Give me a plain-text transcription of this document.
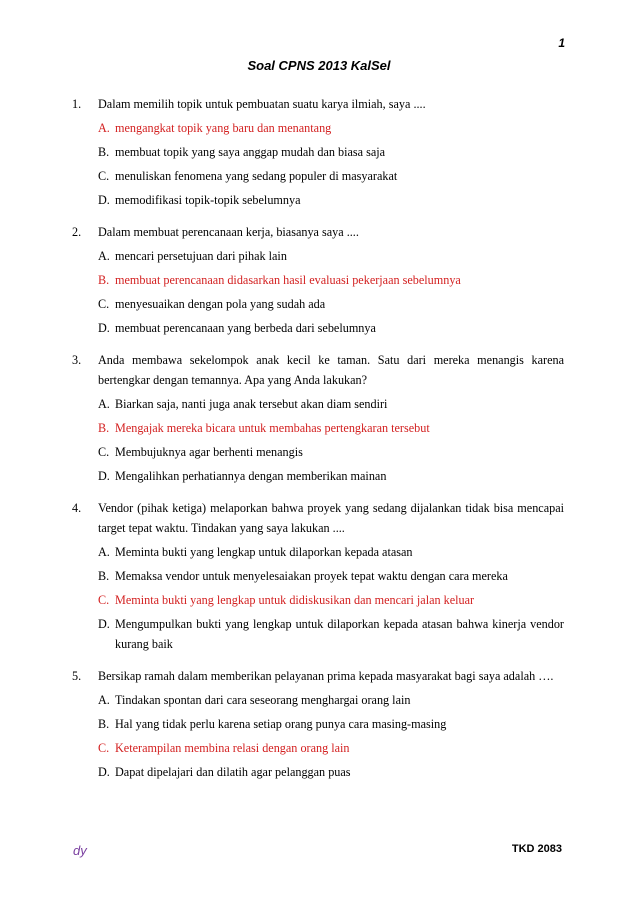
1
Soal CPNS 2013 KalSel
1.	Dalam memilih topik untuk pembuatan suatu karya ilmiah, saya ....
A. mengangkat topik yang baru dan menantang
B. membuat topik yang saya anggap mudah dan biasa saja
C. menuliskan fenomena yang sedang populer di masyarakat
D. memodifikasi topik-topik sebelumnya
2.	Dalam membuat perencanaan kerja, biasanya saya ....
A. mencari persetujuan dari pihak lain
B. membuat perencanaan didasarkan hasil evaluasi pekerjaan sebelumnya
C. menyesuaikan dengan pola yang sudah ada
D. membuat perencanaan yang berbeda dari sebelumnya
3.	Anda membawa sekelompok anak kecil ke taman. Satu dari mereka menangis karena bertengkar dengan temannya. Apa yang Anda lakukan?
A. Biarkan saja, nanti juga anak tersebut akan diam sendiri
B. Mengajak mereka bicara untuk membahas pertengkaran tersebut
C. Membujuknya agar berhenti menangis
D. Mengalihkan perhatiannya dengan memberikan mainan
4.	Vendor (pihak ketiga) melaporkan bahwa proyek yang sedang dijalankan tidak bisa mencapai target tepat waktu. Tindakan yang saya lakukan ....
A. Meminta bukti yang lengkap untuk dilaporkan kepada atasan
B. Memaksa vendor untuk menyelesaiakan proyek tepat waktu dengan cara mereka
C. Meminta bukti yang lengkap untuk didiskusikan dan mencari jalan keluar
D. Mengumpulkan bukti yang lengkap untuk dilaporkan kepada atasan bahwa kinerja vendor kurang baik
5.	Bersikap ramah dalam memberikan pelayanan prima kepada masyarakat bagi saya adalah ….
A. Tindakan spontan dari cara seseorang menghargai orang lain
B. Hal yang tidak perlu karena setiap orang punya cara masing-masing
C. Keterampilan membina relasi dengan orang lain
D. Dapat dipelajari dan dilatih agar pelanggan puas
dy	TKD 2083
